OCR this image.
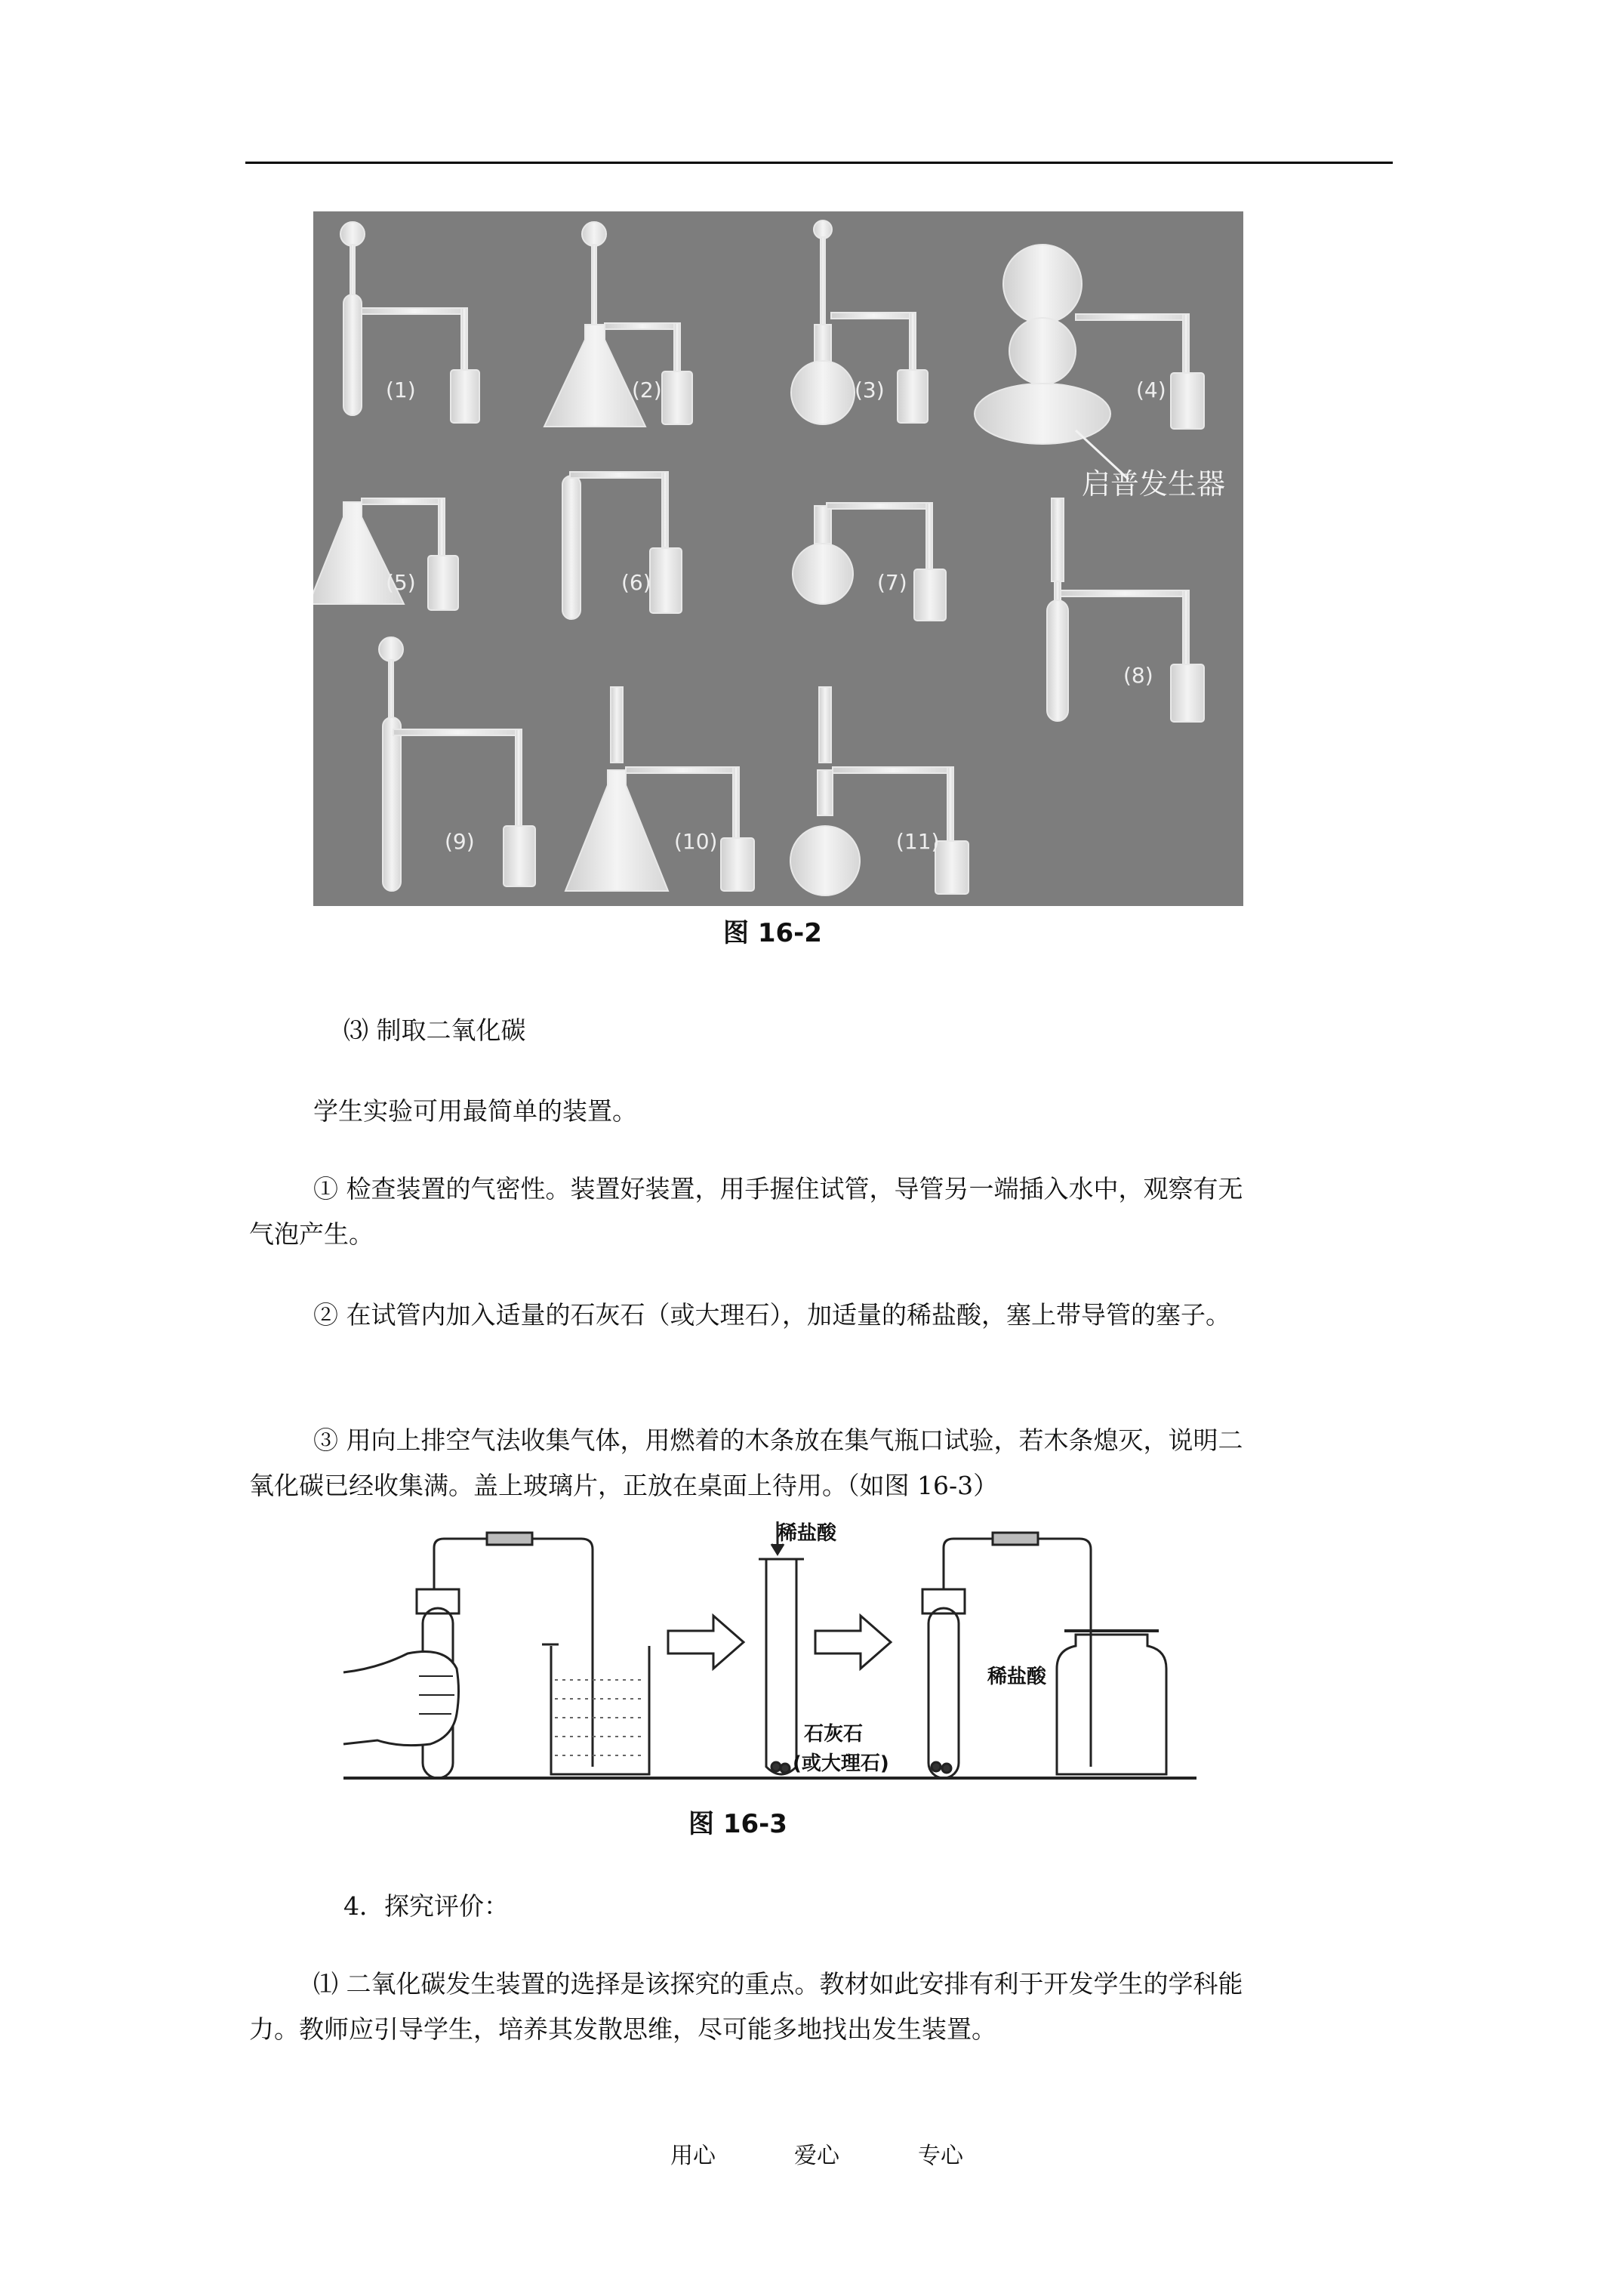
(1)	(2)	(3)	(4)
启普发生器
(5)	(6)	(7)
(8)
(9)	(10)	(11)
图 16-2
⑶ 制取二氧化碳
学生实验可用最简单的装置。
① 检查装置的气密性。装置好装置，用手握住试管，导管另一端插入水中，观察有无
气泡产生。
② 在试管内加入适量的石灰石（或大理石），加适量的稀盐酸，塞上带导管的塞子。
③ 用向上排空气法收集气体，用燃着的木条放在集气瓶口试验，若木条熄灭，说明二
氧化碳已经收集满。盖上玻璃片，正放在桌面上待用。（如图 16-3）
稀盐酸
石灰石
(或大理石)
稀盐酸
图 16-3
4．探究评价：
⑴ 二氧化碳发生装置的选择是该探究的重点。教材如此安排有利于开发学生的学科能
力。教师应引导学生，培养其发散思维，尽可能多地找出发生装置。
用心	爱心	专心
